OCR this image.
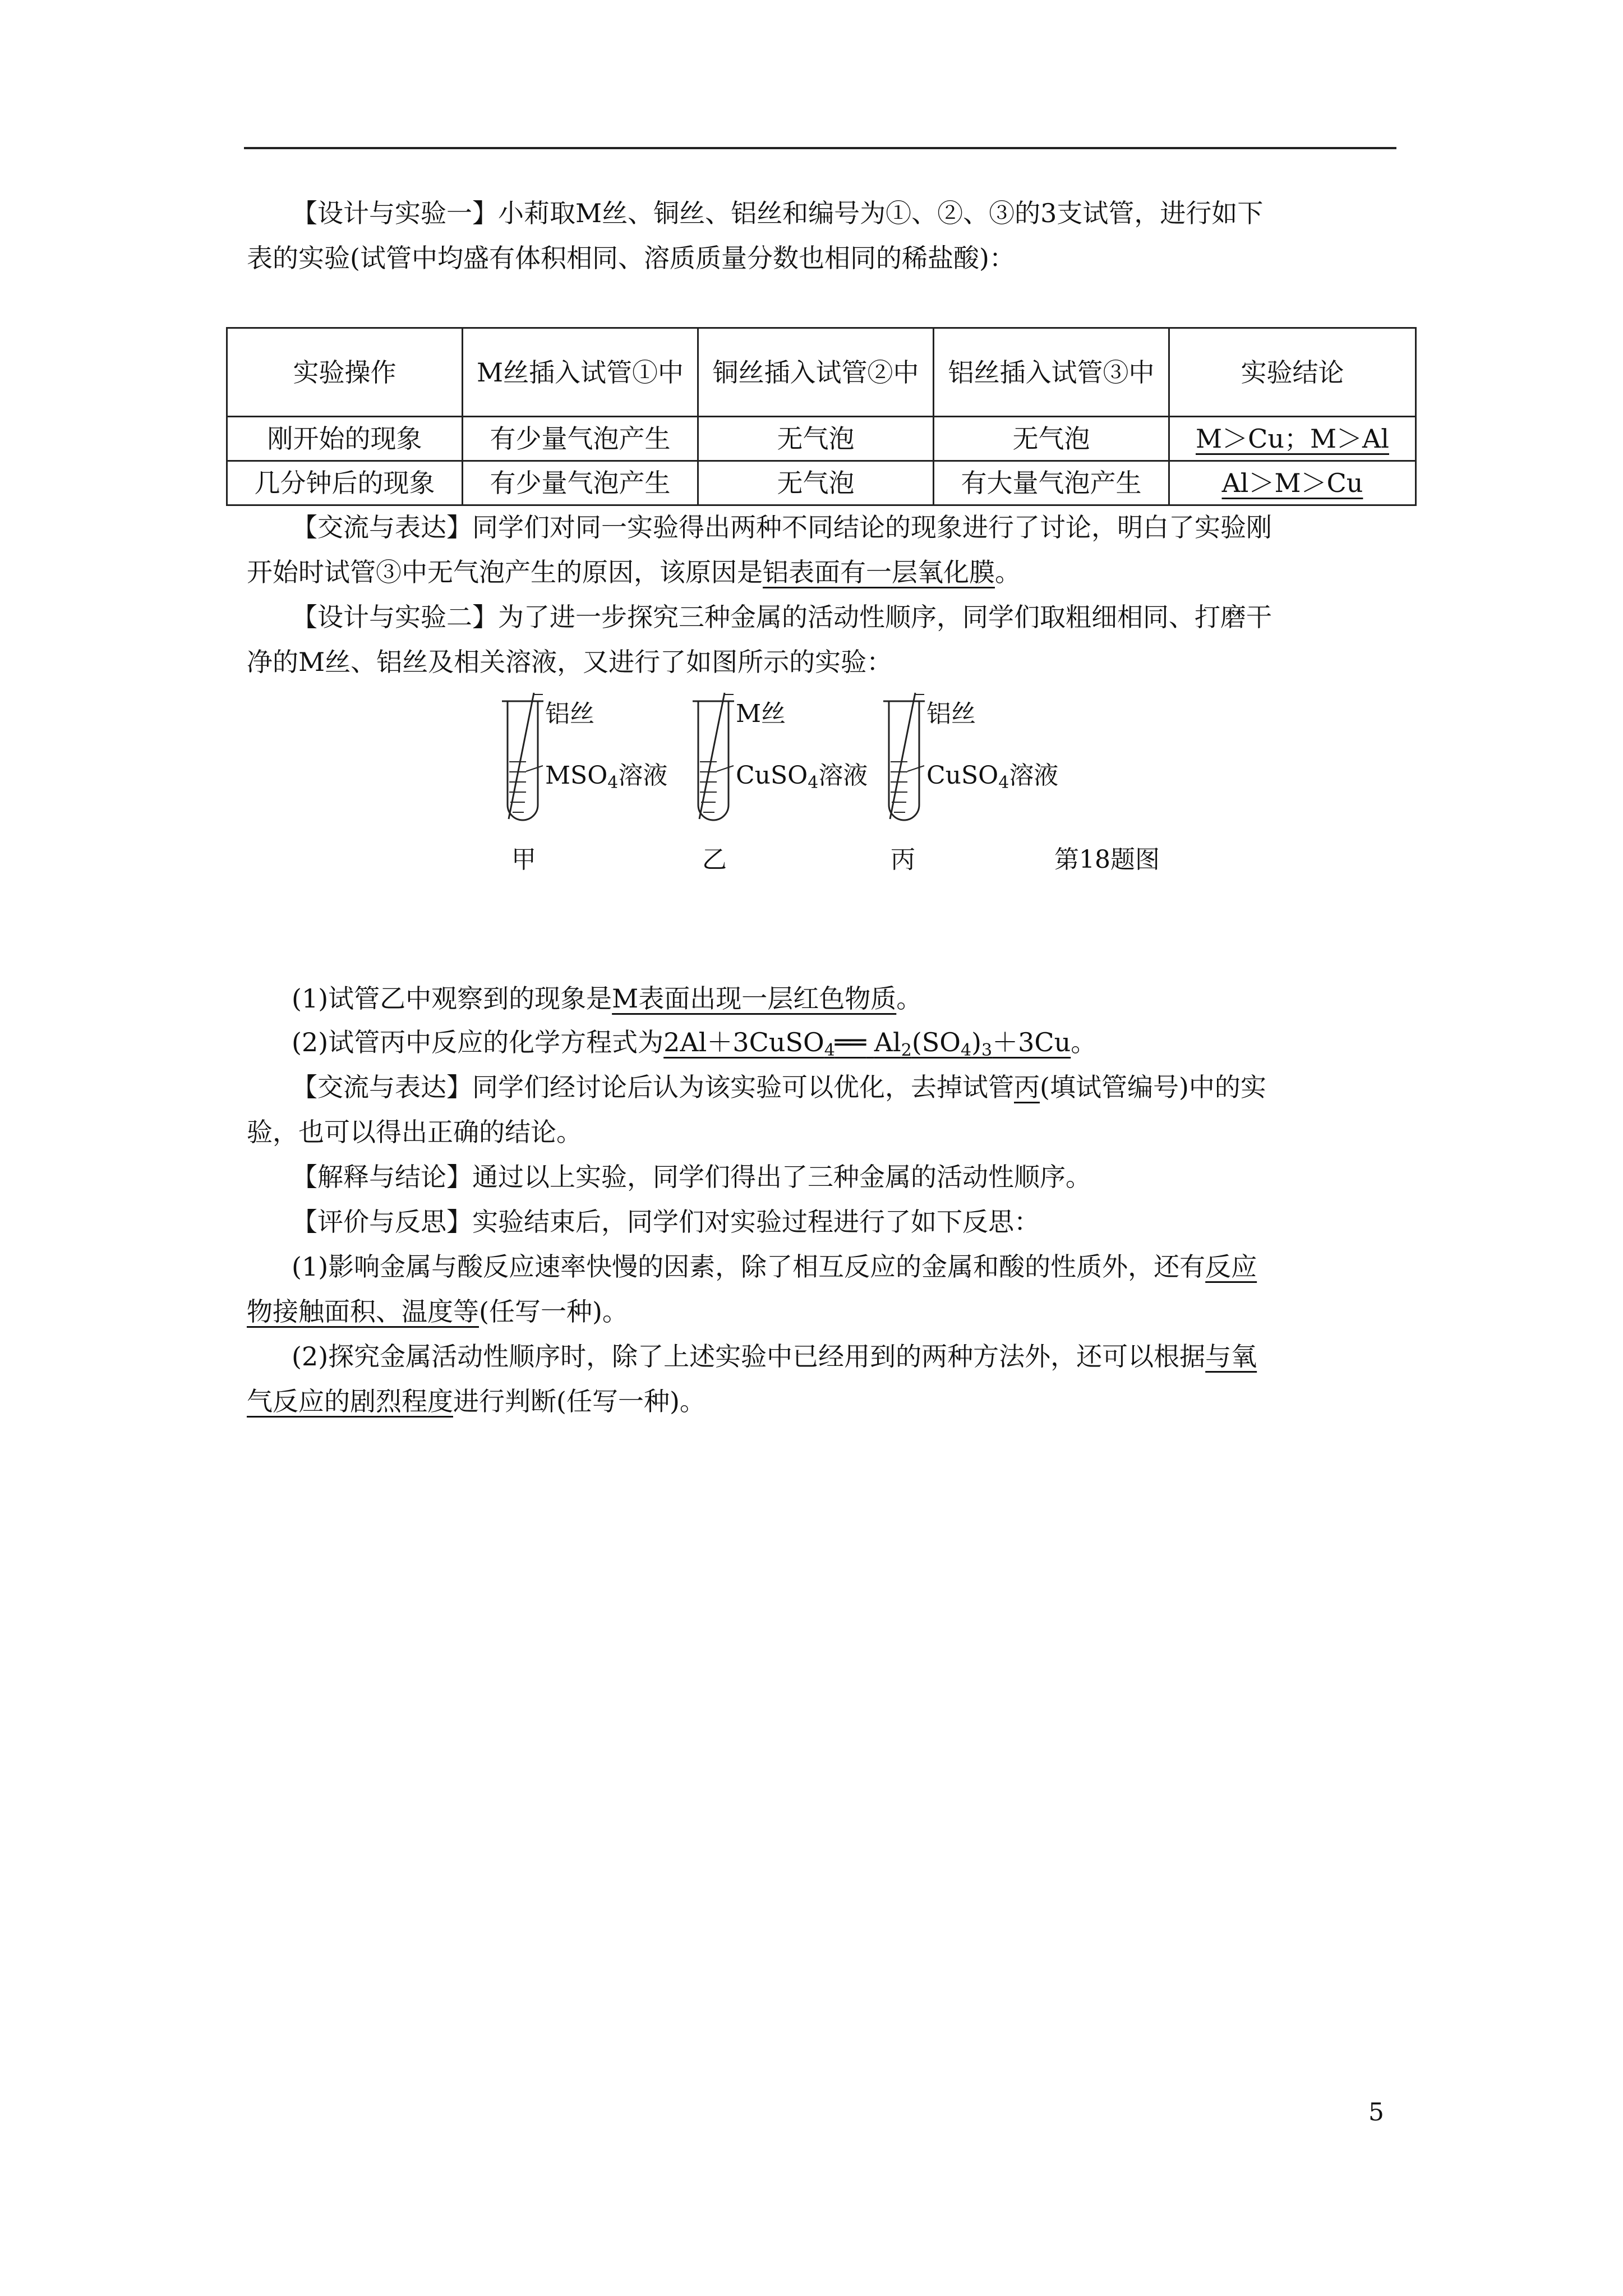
【设计与实验一】小莉取M丝、铜丝、铝丝和编号为①、②、③的3支试管，进行如下
表的实验(试管中均盛有体积相同、溶质质量分数也相同的稀盐酸)：
实验操作	M丝插入试管①中	铜丝插入试管②中	铝丝插入试管③中	实验结论
刚开始的现象	有少量气泡产生	无气泡	无气泡	M＞Cu；M＞Al
几分钟后的现象	有少量气泡产生	无气泡	有大量气泡产生	Al＞M＞Cu
【交流与表达】同学们对同一实验得出两种不同结论的现象进行了讨论，明白了实验刚
开始时试管③中无气泡产生的原因，该原因是铝表面有一层氧化膜。
【设计与实验二】为了进一步探究三种金属的活动性顺序，同学们取粗细相同、打磨干
净的M丝、铝丝及相关溶液，又进行了如图所示的实验：
铝丝
$MSO_4$溶液
M丝
CuSO$_4$溶液
铝丝
CuSO$_4$溶液
甲	乙	丙	第18题图
(1)试管乙中观察到的现象是M表面出现一层红色物质。
(2)试管丙中反应的化学方程式为2Al＋3CuSO$_4$══ $Al_2(SO_4)_3+3Cu$。
【交流与表达】同学们经讨论后认为该实验可以优化，去掉试管丙(填试管编号)中的实
验，也可以得出正确的结论。
【解释与结论】通过以上实验，同学们得出了三种金属的活动性顺序。
【评价与反思】实验结束后，同学们对实验过程进行了如下反思：
(1)影响金属与酸反应速率快慢的因素，除了相互反应的金属和酸的性质外，还有反应
物接触面积、温度等(任写一种)。
(2)探究金属活动性顺序时，除了上述实验中已经用到的两种方法外，还可以根据与氧
气反应的剧烈程度进行判断(任写一种)。
5
